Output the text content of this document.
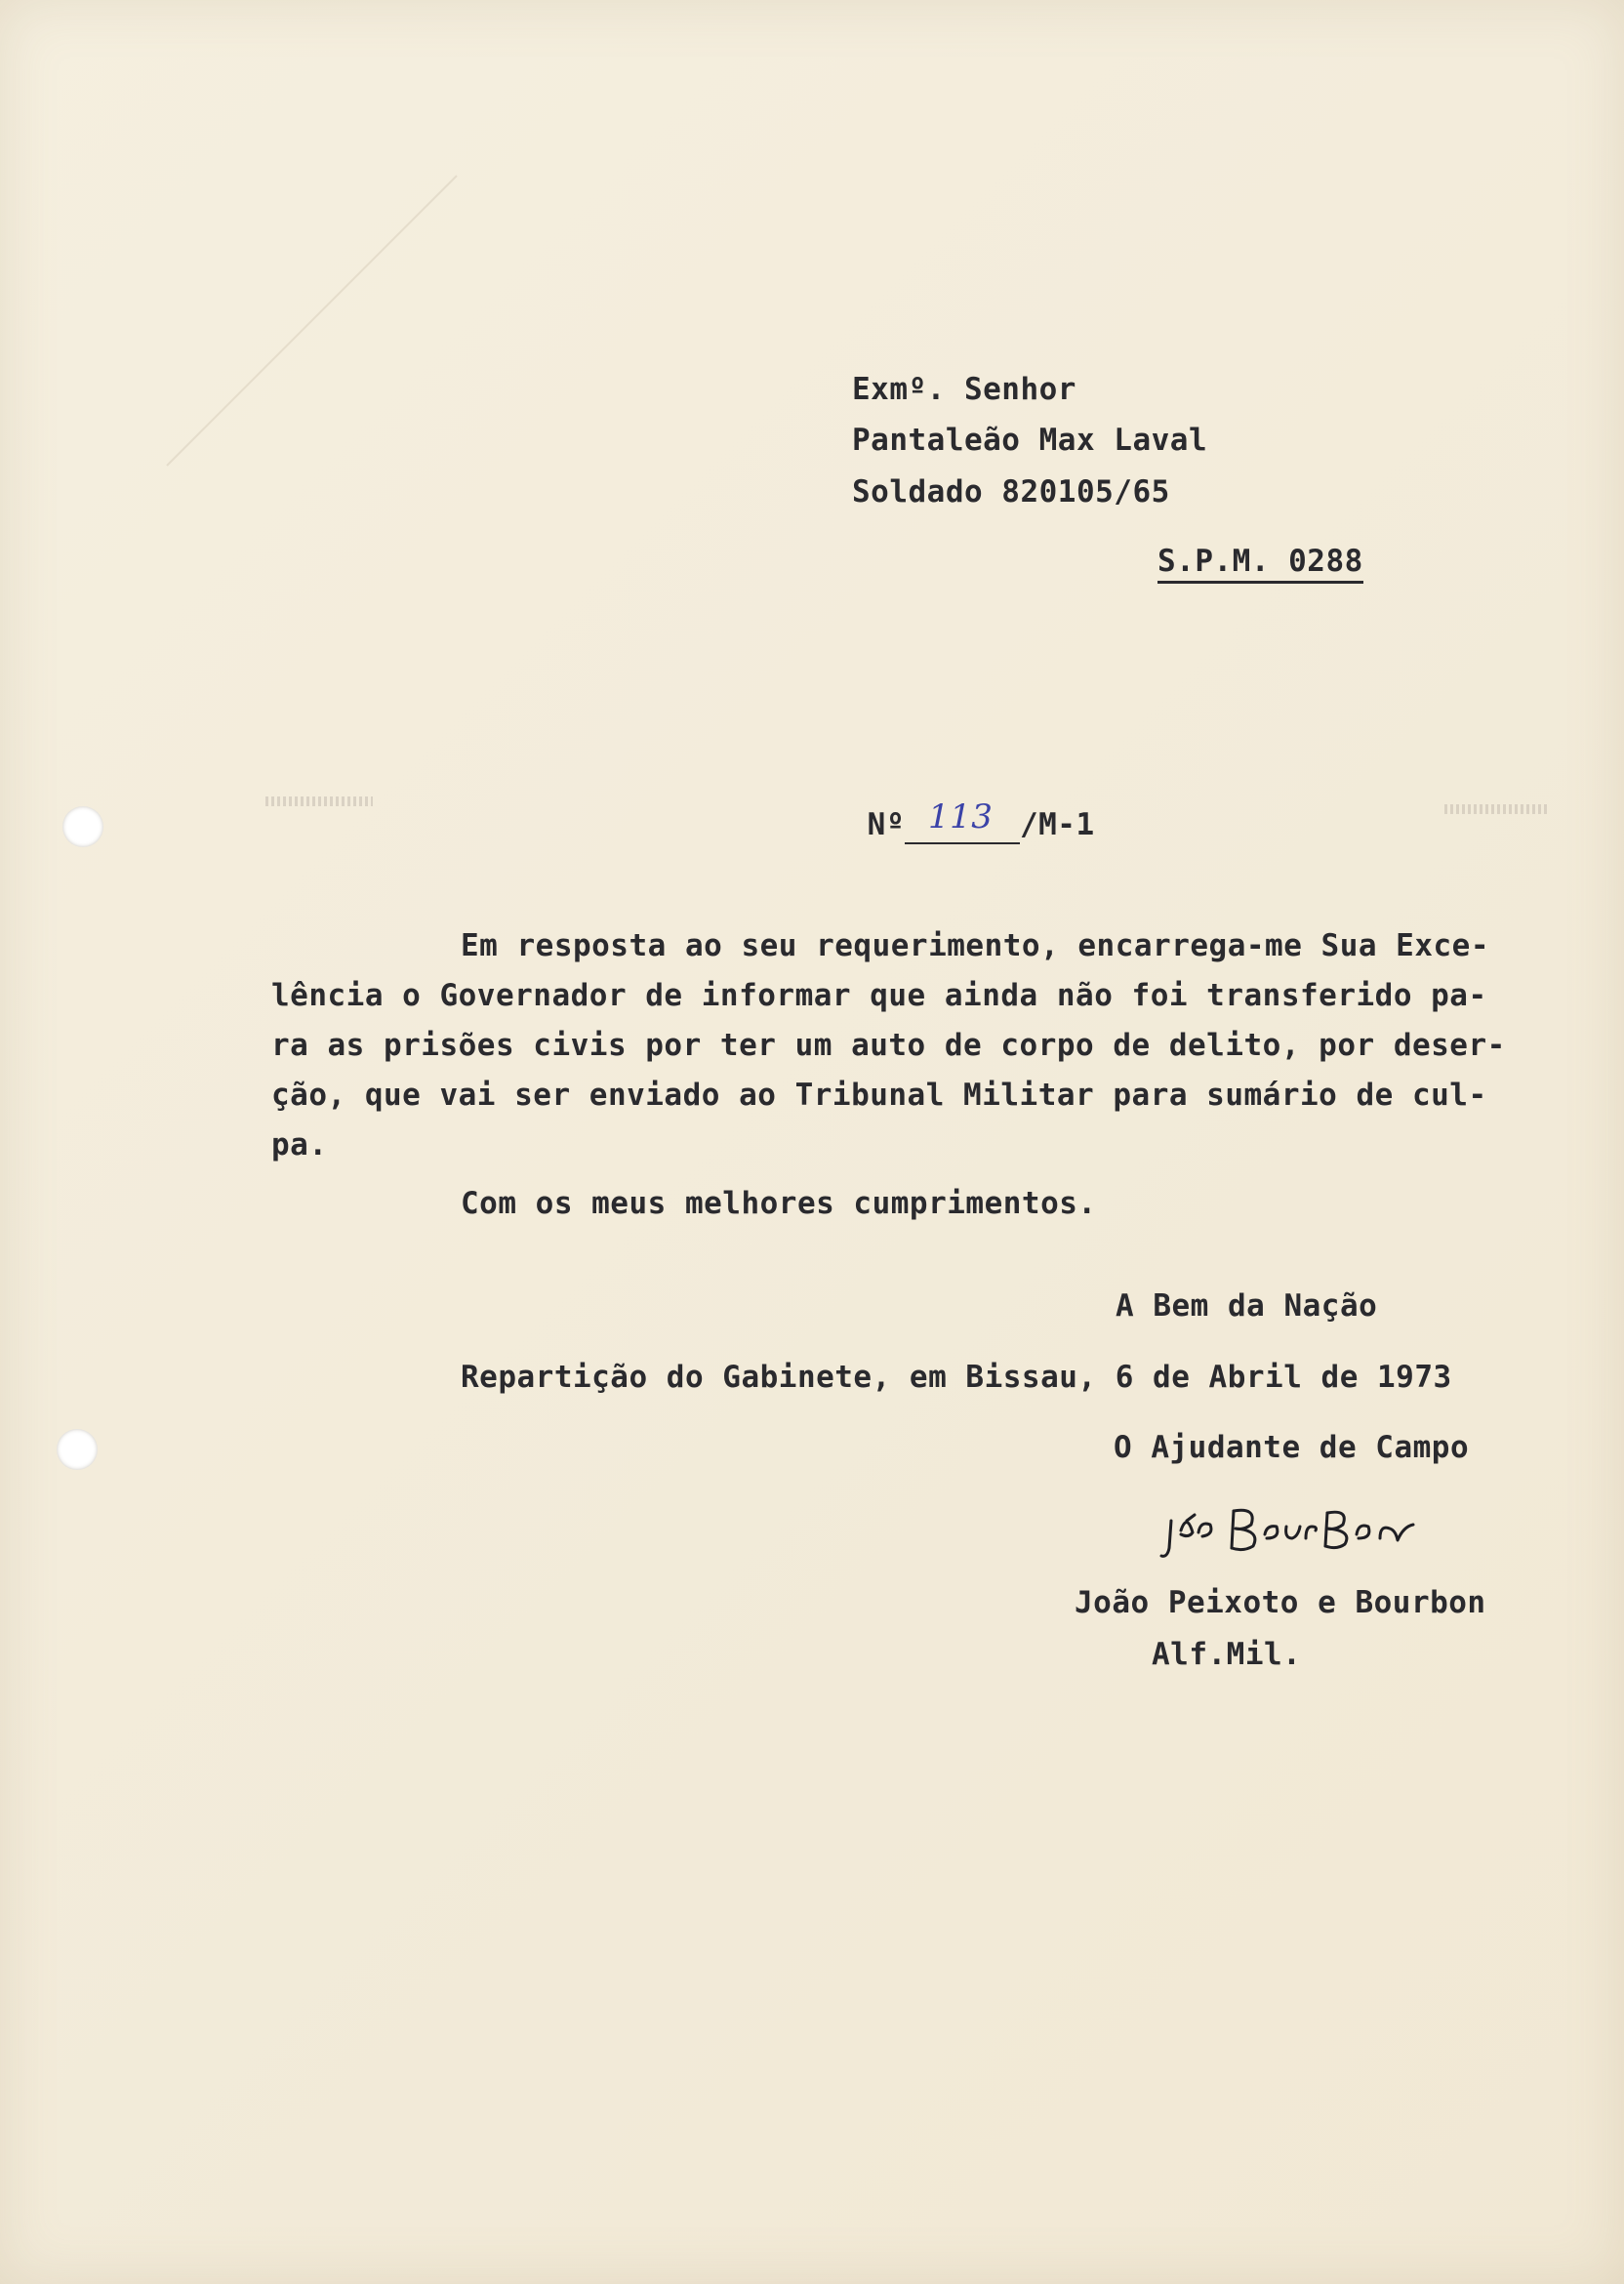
Exmº. Senhor
Pantaleão Max Laval
Soldado 820105/65
S.P.M. 0288

Nº 113 /M-1

Em resposta ao seu requerimento, encarrega-me Sua Exce-
lência o Governador de informar que ainda não foi transferido pa-
ra as prisões civis por ter um auto de corpo de delito, por deser-
ção, que vai ser enviado ao Tribunal Militar para sumário de cul-
pa.
Com os meus melhores cumprimentos.
A Bem da Nação
Repartição do Gabinete, em Bissau, 6 de Abril de 1973
O Ajudante de Campo
João Peixoto e Bourbon
Alf.Mil.
